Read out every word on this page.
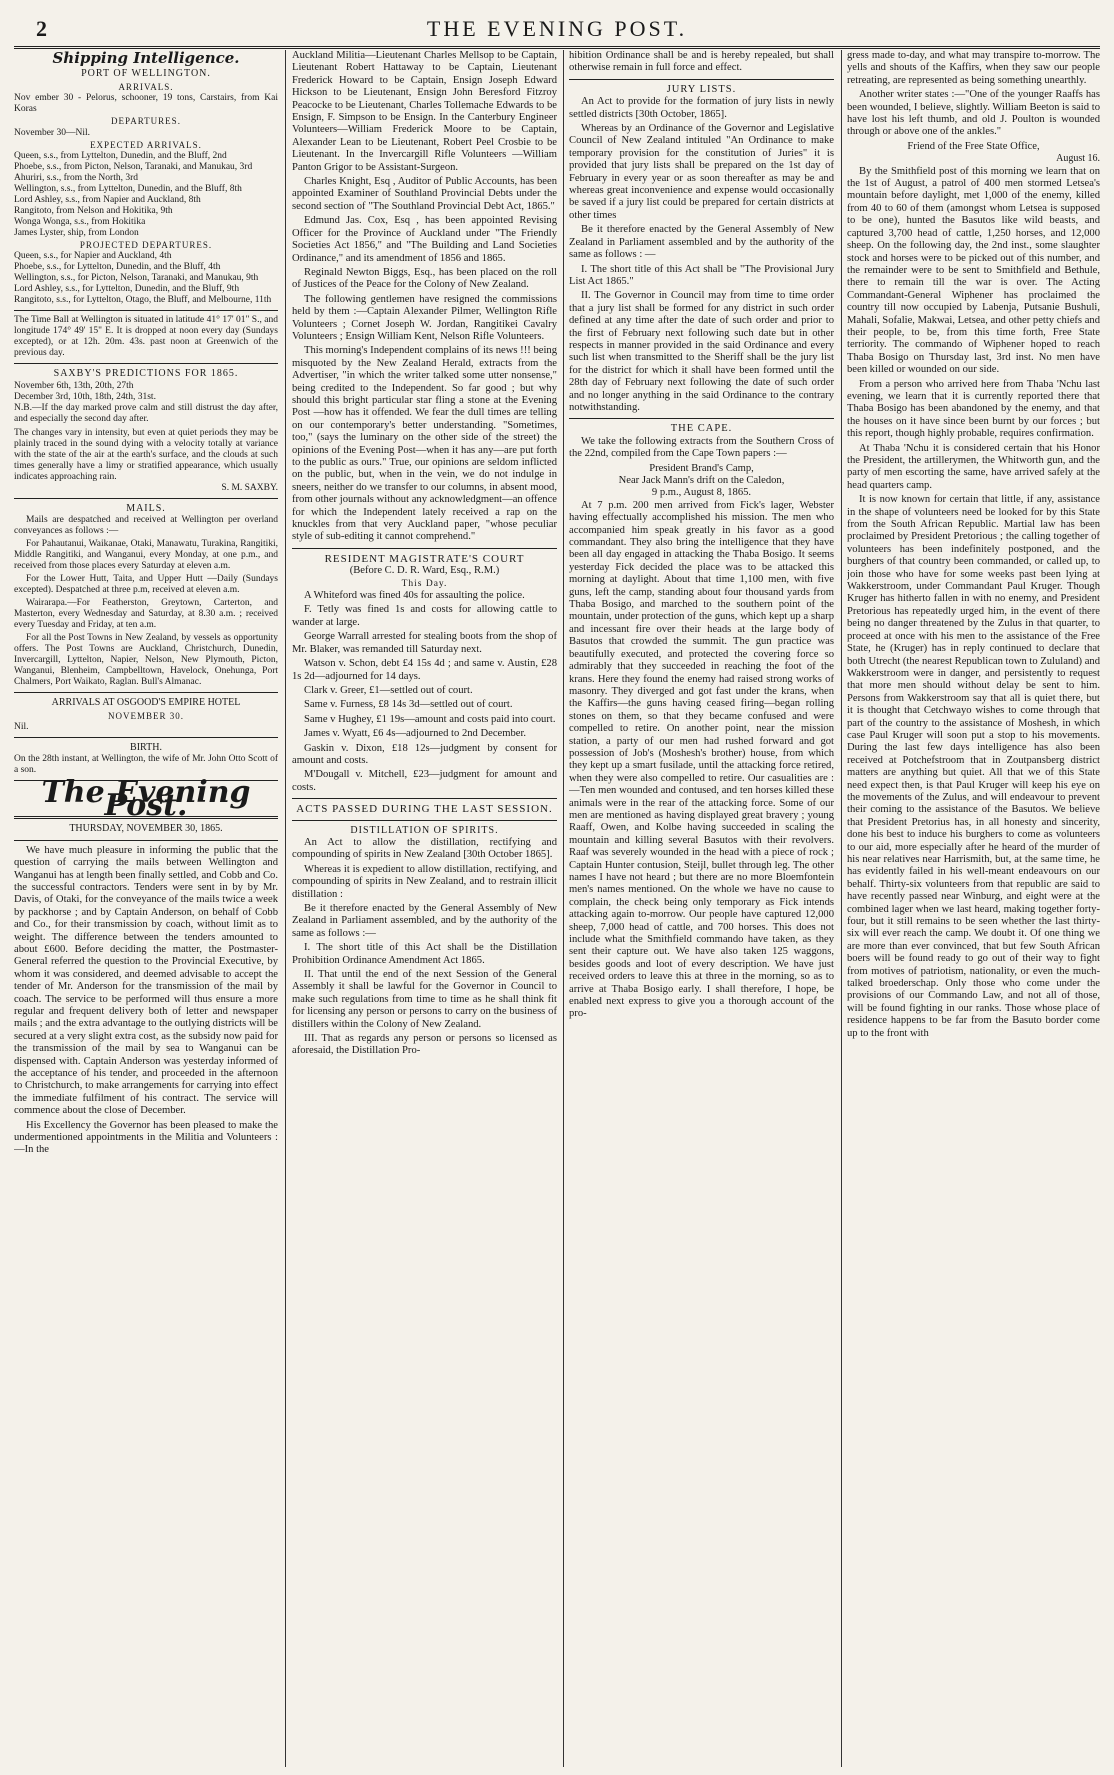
2	THE EVENING POST.
Shipping Intelligence.
PORT OF WELLINGTON.
ARRIVALS.
Nov ember 30 - Pelorus, schooner, 19 tons, Carstairs, from Kai Koras
DEPARTURES.
November 30—Nil.
EXPECTED ARRIVALS.

Queen, s.s., from Lyttelton, Dunedin, and the Bluff, 2nd

Phoebe, s.s., from Picton, Nelson, Taranaki, and Manukau, 3rd

Ahuriri, s.s., from the North, 3rd

Wellington, s.s., from Lyttelton, Dunedin, and the Bluff, 8th

Lord Ashley, s.s., from Napier and Auckland, 8th

Rangitoto, from Nelson and Hokitika, 9th

Wonga Wonga, s.s., from Hokitika

James Lyster, ship, from London

PROJECTED DEPARTURES.

Queen, s.s., for Napier and Auckland, 4th

Phoebe, s.s., for Lyttelton, Dunedin, and the Bluff, 4th

Wellington, s.s., for Picton, Nelson, Taranaki, and Manukau, 9th

Lord Ashley, s.s., for Lyttelton, Dunedin, and the Bluff, 9th

Rangitoto, s.s., for Lyttelton, Otago, the Bluff, and Melbourne, 11th

The Time Ball at Wellington is situated in latitude 41° 17' 01" S., and longitude 174° 49' 15" E. It is dropped at noon every day (Sundays excepted), or at 12h. 20m. 43s. past noon at Greenwich of the previous day.
SAXBY'S PREDICTIONS FOR 1865.
November 6th, 13th, 20th, 27th
December 3rd, 10th, 18th, 24th, 31st.
N.B.—If the day marked prove calm and still distrust the day after, and especially the second day after.
The changes vary in intensity, but even at quiet periods they may be plainly traced in the sound dying with a velocity totally at variance with the state of the air at the earth's surface, and the clouds at such times generally have a limy or stratified appearance, which usually indicates approaching rain.
S. M. SAXBY.
MAILS.

Mails are despatched and received at Wellington per overland conveyances as follows :—

For Pahautanui, Waikanae, Otaki, Manawatu, Turakina, Rangitiki, Middle Rangitiki, and Wanganui, every Monday, at one p.m., and received from those places every Saturday at eleven a.m.

For the Lower Hutt, Taita, and Upper Hutt —Daily (Sundays excepted). Despatched at three p.m, received at eleven a.m.

Wairarapa.—For Featherston, Greytown, Carterton, and Masterton, every Wednesday and Saturday, at 8.30 a.m. ; received every Tuesday and Friday, at ten a.m.

For all the Post Towns in New Zealand, by vessels as opportunity offers. The Post Towns are Auckland, Christchurch, Dunedin, Invercargill, Lyttelton, Napier, Nelson, New Plymouth, Picton, Wanganui, Blenheim, Campbelltown, Havelock, Onehunga, Port Chalmers, Port Waikato, Raglan. Bull's Almanac.

ARRIVALS AT OSGOOD'S EMPIRE HOTEL
NOVEMBER 30.
Nil.
BIRTH.
On the 28th instant, at Wellington, the wife of Mr. John Otto Scott of a son.
The Evening Post.
THURSDAY, NOVEMBER 30, 1865.

We have much pleasure in informing the public that the question of carrying the mails between Wellington and Wanganui has at length been finally settled, and Cobb and Co. the successful contractors. Tenders were sent in by by Mr. Davis, of Otaki, for the conveyance of the mails twice a week by packhorse ; and by Captain Anderson, on behalf of Cobb and Co., for their transmission by coach, without limit as to weight. The difference between the tenders amounted to about £600. Before deciding the matter, the Postmaster-General referred the question to the Provincial Executive, by whom it was considered, and deemed advisable to accept the tender of Mr. Anderson for the transmission of the mail by coach. The service to be performed will thus ensure a more regular and frequent delivery both of letter and newspaper mails ; and the extra advantage to the outlying districts will be secured at a very slight extra cost, as the subsidy now paid for the transmission of the mail by sea to Wanganui can be dispensed with. Captain Anderson was yesterday informed of the acceptance of his tender, and proceeded in the afternoon to Christchurch, to make arrangements for carrying into effect the immediate fulfilment of his contract. The service will commence about the close of December.

His Excellency the Governor has been pleased to make the undermentioned appointments in the Militia and Volunteers :—In the

Auckland Militia—Lieutenant Charles Mellsop to be Captain, Lieutenant Robert Hattaway to be Captain, Lieutenant Frederick Howard to be Captain, Ensign Joseph Edward Hickson to be Lieutenant, Ensign John Beresford Fitzroy Peacocke to be Lieutenant, Charles Tollemache Edwards to be Ensign, F. Simpson to be Ensign. In the Canterbury Engineer Volunteers—William Frederick Moore to be Captain, Alexander Lean to be Lieutenant, Robert Peel Crosbie to be Lieutenant. In the Invercargill Rifle Volunteers —William Panton Grigor to be Assistant-Surgeon.

Charles Knight, Esq , Auditor of Public Accounts, has been appointed Examiner of Southland Provincial Debts under the second section of "The Southland Provincial Debt Act, 1865."

Edmund Jas. Cox, Esq , has been appointed Revising Officer for the Province of Auckland under "The Friendly Societies Act 1856," and "The Building and Land Societies Ordinance," and its amendment of 1856 and 1865.

Reginald Newton Biggs, Esq., has been placed on the roll of Justices of the Peace for the Colony of New Zealand.

The following gentlemen have resigned the commissions held by them :—Captain Alexander Pilmer, Wellington Rifle Volunteers ; Cornet Joseph W. Jordan, Rangitikei Cavalry Volunteers ; Ensign William Kent, Nelson Rifle Volunteers.

This morning's Independent complains of its news !!! being misquoted by the New Zealand Herald, extracts from the Advertiser, "in which the writer talked some utter nonsense," being credited to the Independent. So far good ; but why should this bright particular star fling a stone at the Evening Post —how has it offended. We fear the dull times are telling on our contemporary's better understanding. "Sometimes, too," (says the luminary on the other side of the street) the opinions of the Evening Post—when it has any—are put forth to the public as ours." True, our opinions are seldom inflicted on the public, but, when in the vein, we do not indulge in sneers, neither do we transfer to our columns, in absent mood, from other journals without any acknowledgment—an offence for which the Independent lately received a rap on the knuckles from that very Auckland paper, "whose peculiar style of sub-editing it cannot comprehend."

RESIDENT MAGISTRATE'S COURT
(Before C. D. R. Ward, Esq., R.M.)
This Day.

A Whiteford was fined 40s for assaulting the police.

F. Tetly was fined 1s and costs for allowing cattle to wander at large.

George Warrall arrested for stealing boots from the shop of Mr. Blaker, was remanded till Saturday next.

Watson v. Schon, debt £4 15s 4d ; and same v. Austin, £28 1s 2d—adjourned for 14 days.

Clark v. Greer, £1—settled out of court.

Same v. Furness, £8 14s 3d—settled out of court.

Same v Hughey, £1 19s—amount and costs paid into court.

James v. Wyatt, £6 4s—adjourned to 2nd December.

Gaskin v. Dixon, £18 12s—judgment by consent for amount and costs.

M'Dougall v. Mitchell, £23—judgment for amount and costs.

ACTS PASSED DURING THE LAST SESSION.
DISTILLATION OF SPIRITS.

An Act to allow the distillation, rectifying and compounding of spirits in New Zealand [30th October 1865].

Whereas it is expedient to allow distillation, rectifying, and compounding of spirits in New Zealand, and to restrain illicit distillation :

Be it therefore enacted by the General Assembly of New Zealand in Parliament assembled, and by the authority of the same as follows :—

I. The short title of this Act shall be the Distillation Prohibition Ordinance Amendment Act 1865.

II. That until the end of the next Session of the General Assembly it shall be lawful for the Governor in Council to make such regulations from time to time as he shall think fit for licensing any person or persons to carry on the business of distillers within the Colony of New Zealand.

III. That as regards any person or persons so licensed as aforesaid, the Distillation Pro-

hibition Ordinance shall be and is hereby repealed, but shall otherwise remain in full force and effect.

JURY LISTS.

An Act to provide for the formation of jury lists in newly settled districts [30th October, 1865].

Whereas by an Ordinance of the Governor and Legislative Council of New Zealand intituled "An Ordinance to make temporary provision for the constitution of Juries" it is provided that jury lists shall be prepared on the 1st day of February in every year or as soon thereafter as may be and whereas great inconvenience and expense would occasionally be saved if a jury list could be prepared for certain districts at other times

Be it therefore enacted by the General Assembly of New Zealand in Parliament assembled and by the authority of the same as follows : —

I. The short title of this Act shall be "The Provisional Jury List Act 1865."

II. The Governor in Council may from time to time order that a jury list shall be formed for any district in such order defined at any time after the date of such order and prior to the first of February next following such date but in other respects in manner provided in the said Ordinance and every such list when transmitted to the Sheriff shall be the jury list for the district for which it shall have been formed until the 28th day of February next following the date of such order and no longer anything in the said Ordinance to the contrary notwithstanding.

THE CAPE.

We take the following extracts from the Southern Cross of the 22nd, compiled from the Cape Town papers :—

President Brand's Camp,
Near Jack Mann's drift on the Caledon,
9 p.m., August 8, 1865.

At 7 p.m. 200 men arrived from Fick's lager, Webster having effectually accomplished his mission. The men who accompanied him speak greatly in his favor as a good commandant. They also bring the intelligence that they have been all day engaged in attacking the Thaba Bosigo. It seems yesterday Fick decided the place was to be attacked this morning at daylight. About that time 1,100 men, with five guns, left the camp, standing about four thousand yards from Thaba Bosigo, and marched to the southern point of the mountain, under protection of the guns, which kept up a sharp and incessant fire over their heads at the large body of Basutos that crowded the summit. The gun practice was beautifully executed, and protected the covering force so admirably that they succeeded in reaching the foot of the krans. Here they found the enemy had raised strong works of masonry. They diverged and got fast under the krans, when the Kaffirs—the guns having ceased firing—began rolling stones on them, so that they became confused and were compelled to retire. On another point, near the mission station, a party of our men had rushed forward and got possession of Job's (Moshesh's brother) house, from which they kept up a smart fusilade, until the attacking force retired, when they were also compelled to retire. Our casualities are :—Ten men wounded and contused, and ten horses killed these animals were in the rear of the attacking force. Some of our men are mentioned as having displayed great bravery ; young Raaff, Owen, and Kolbe having succeeded in scaling the mountain and killing several Basutos with their revolvers. Raaf was severely wounded in the head with a piece of rock ; Captain Hunter contusion, Steijl, bullet through leg. The other names I have not heard ; but there are no more Bloemfontein men's names mentioned. On the whole we have no cause to complain, the check being only temporary as Fick intends attacking again to-morrow. Our people have captured 12,000 sheep, 7,000 head of cattle, and 700 horses. This does not include what the Smithfield commando have taken, as they sent their capture out. We have also taken 125 waggons, besides goods and loot of every description. We have just received orders to leave this at three in the morning, so as to arrive at Thaba Bosigo early. I shall therefore, I hope, be enabled next express to give you a thorough account of the pro-

gress made to-day, and what may transpire to-morrow. The yells and shouts of the Kaffirs, when they saw our people retreating, are represented as being something unearthly.

Another writer states :—"One of the younger Raaffs has been wounded, I believe, slightly. William Beeton is said to have lost his left thumb, and old J. Poulton is wounded through or above one of the ankles."

Friend of the Free State Office,
August 16.

By the Smithfield post of this morning we learn that on the 1st of August, a patrol of 400 men stormed Letsea's mountain before daylight, met 1,000 of the enemy, killed from 40 to 60 of them (amongst whom Letsea is supposed to be one), hunted the Basutos like wild beasts, and captured 3,700 head of cattle, 1,250 horses, and 12,000 sheep. On the following day, the 2nd inst., some slaughter stock and horses were to be picked out of this number, and the remainder were to be sent to Smithfield and Bethule, there to remain till the war is over. The Acting Commandant-General Wiphener has proclaimed the country till now occupied by Labenja, Putsanie Bushuli, Mahali, Sofalie, Makwai, Letsea, and other petty chiefs and their people, to be, from this time forth, Free State terriority. The commando of Wiphener hoped to reach Thaba Bosigo on Thursday last, 3rd inst. No men have been killed or wounded on our side.

From a person who arrived here from Thaba 'Nchu last evening, we learn that it is currently reported there that Thaba Bosigo has been abandoned by the enemy, and that the houses on it have since been burnt by our forces ; but this report, though highly probable, requires confirmation.

At Thaba 'Nchu it is considered certain that his Honor the President, the artillerymen, the Whitworth gun, and the party of men escorting the same, have arrived safely at the head quarters camp.

It is now known for certain that little, if any, assistance in the shape of volunteers need be looked for by this State from the South African Republic. Martial law has been proclaimed by President Pretorious ; the calling together of volunteers has been indefinitely postponed, and the burghers of that country been commanded, or called up, to join those who have for some weeks past been lying at Wakkerstroom, under Commandant Paul Kruger. Though Kruger has hitherto fallen in with no enemy, and President Pretorious has repeatedly urged him, in the event of there being no danger threatened by the Zulus in that quarter, to proceed at once with his men to the assistance of the Free State, he (Kruger) has in reply continued to declare that both Utrecht (the nearest Republican town to Zululand) and Wakkerstroom were in danger, and persistently to request that more men should without delay be sent to him. Persons from Wakkerstroom say that all is quiet there, but it is thought that Cetchwayo wishes to come through that part of the country to the assistance of Moshesh, in which case Paul Kruger will soon put a stop to his movements. During the last few days intelligence has also been received at Potchefstroom that in Zoutpansberg district matters are anything but quiet. All that we of this State need expect then, is that Paul Kruger will keep his eye on the movements of the Zulus, and will endeavour to prevent their coming to the assistance of the Basutos. We believe that President Pretorius has, in all honesty and sincerity, done his best to induce his burghers to come as volunteers to our aid, more especially after he heard of the murder of his near relatives near Harrismith, but, at the same time, he has evidently failed in his well-meant endeavours on our behalf. Thirty-six volunteers from that republic are said to have recently passed near Winburg, and eight were at the combined lager when we last heard, making together forty-four, but it still remains to be seen whether the last thirty-six will ever reach the camp. We doubt it. Of one thing we are more than ever convinced, that but few South African boers will be found ready to go out of their way to fight from motives of patriotism, nationality, or even the much-talked broederschap. Only those who come under the provisions of our Commando Law, and not all of those, will be found fighting in our ranks. Those whose place of residence happens to be far from the Basuto border come up to the front with
